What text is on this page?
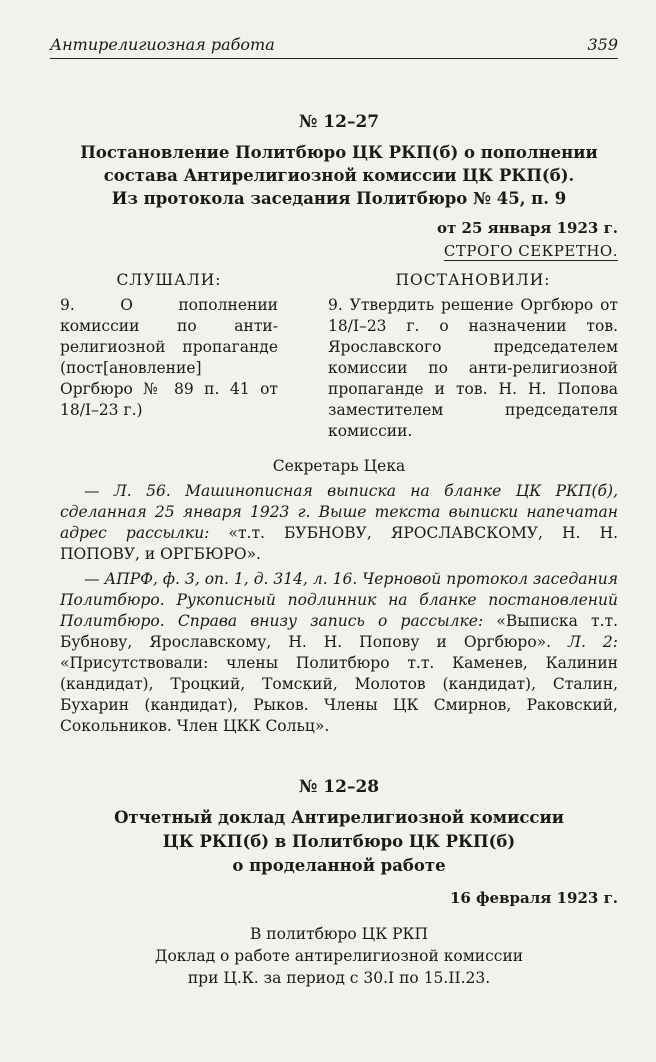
Антирелигиозная работа	359
№ 12–27
Постановление Политбюро ЦК РКП(б) о пополнении
состава Антирелигиозной комиссии ЦК РКП(б).
Из протокола заседания Политбюро № 45, п. 9
от 25 января 1923 г.
СТРОГО СЕКРЕТНО.
СЛУШАЛИ:
9. О пополнении комиссии по анти-религиозной пропаганде (пост[ановление] Оргбюро № 89 п. 41 от 18/I–23 г.)
ПОСТАНОВИЛИ:
9. Утвердить решение Оргбюро от 18/I–23 г. о назначении тов. Ярославского председателем комиссии по анти-религиозной пропаганде и тов. Н. Н. Попова заместителем председателя комиссии.
Секретарь Цека
— Л. 56. Машинописная выписка на бланке ЦК РКП(б), сделанная 25 января 1923 г. Выше текста выписки напечатан адрес рассылки: «т.т. БУБНОВУ, ЯРОСЛАВСКОМУ, Н. Н. ПОПОВУ, и ОРГБЮРО».
— АПРФ, ф. 3, оп. 1, д. 314, л. 16. Черновой протокол заседания Политбюро. Рукописный подлинник на бланке постановлений Политбюро. Справа внизу запись о рассылке: «Выписка т.т. Бубнову, Ярославскому, Н. Н. Попову и Оргбюро». Л. 2: «Присутствовали: члены Политбюро т.т. Каменев, Калинин (кандидат), Троцкий, Томский, Молотов (кандидат), Сталин, Бухарин (кандидат), Рыков. Члены ЦК Смирнов, Раковский, Сокольников. Член ЦКК Сольц».
№ 12–28
Отчетный доклад Антирелигиозной комиссии
ЦК РКП(б) в Политбюро ЦК РКП(б)
о проделанной работе
16 февраля 1923 г.
В политбюро ЦК РКП
Доклад о работе антирелигиозной комиссии
при Ц.К. за период с 30.I по 15.II.23.
